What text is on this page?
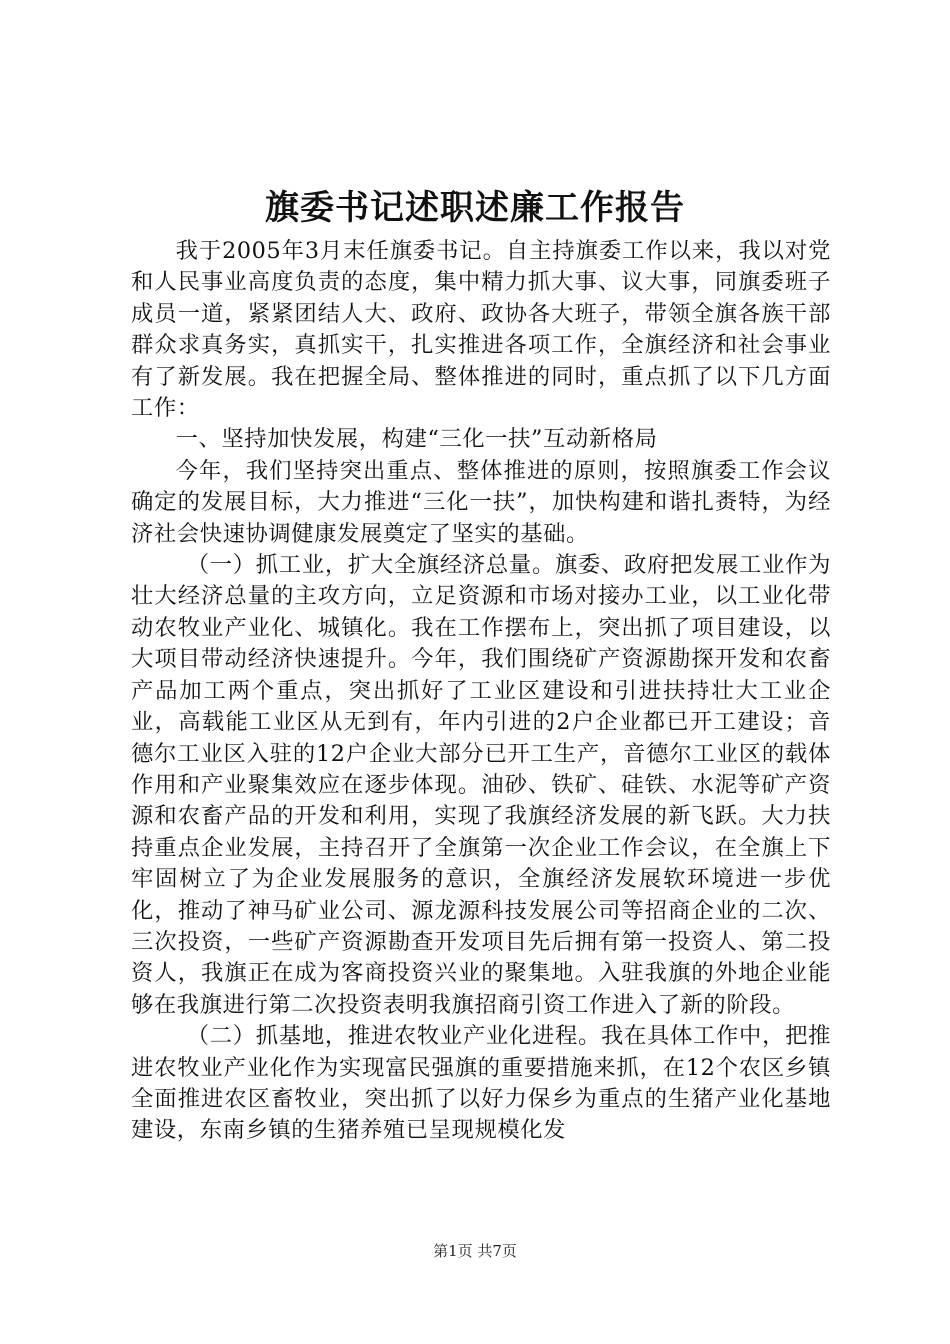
旗委书记述职述廉工作报告

我于2005年3月末任旗委书记。自主持旗委工作以来，我以对党和人民事业高度负责的态度，集中精力抓大事、议大事，同旗委班子成员一道，紧紧团结人大、政府、政协各大班子，带领全旗各族干部群众求真务实，真抓实干，扎实推进各项工作，全旗经济和社会事业有了新发展。我在把握全局、整体推进的同时，重点抓了以下几方面工作：

一、坚持加快发展，构建“三化一扶”互动新格局

今年，我们坚持突出重点、整体推进的原则，按照旗委工作会议确定的发展目标，大力推进“三化一扶”，加快构建和谐扎赉特，为经济社会快速协调健康发展奠定了坚实的基础。

（一）抓工业，扩大全旗经济总量。旗委、政府把发展工业作为壮大经济总量的主攻方向，立足资源和市场对接办工业，以工业化带动农牧业产业化、城镇化。我在工作摆布上，突出抓了项目建设，以大项目带动经济快速提升。今年，我们围绕矿产资源勘探开发和农畜产品加工两个重点，突出抓好了工业区建设和引进扶持壮大工业企业，高载能工业区从无到有，年内引进的2户企业都已开工建设；音德尔工业区入驻的12户企业大部分已开工生产，音德尔工业区的载体作用和产业聚集效应在逐步体现。油砂、铁矿、硅铁、水泥等矿产资源和农畜产品的开发和利用，实现了我旗经济发展的新飞跃。大力扶持重点企业发展，主持召开了全旗第一次企业工作会议，在全旗上下牢固树立了为企业发展服务的意识，全旗经济发展软环境进一步优化，推动了神马矿业公司、源龙源科技发展公司等招商企业的二次、三次投资，一些矿产资源勘查开发项目先后拥有第一投资人、第二投资人，我旗正在成为客商投资兴业的聚集地。入驻我旗的外地企业能够在我旗进行第二次投资表明我旗招商引资工作进入了新的阶段。

（二）抓基地，推进农牧业产业化进程。我在具体工作中，把推进农牧业产业化作为实现富民强旗的重要措施来抓，在12个农区乡镇全面推进农区畜牧业，突出抓了以好力保乡为重点的生猪产业化基地建设，东南乡镇的生猪养殖已呈现规模化发

第1页 共7页
